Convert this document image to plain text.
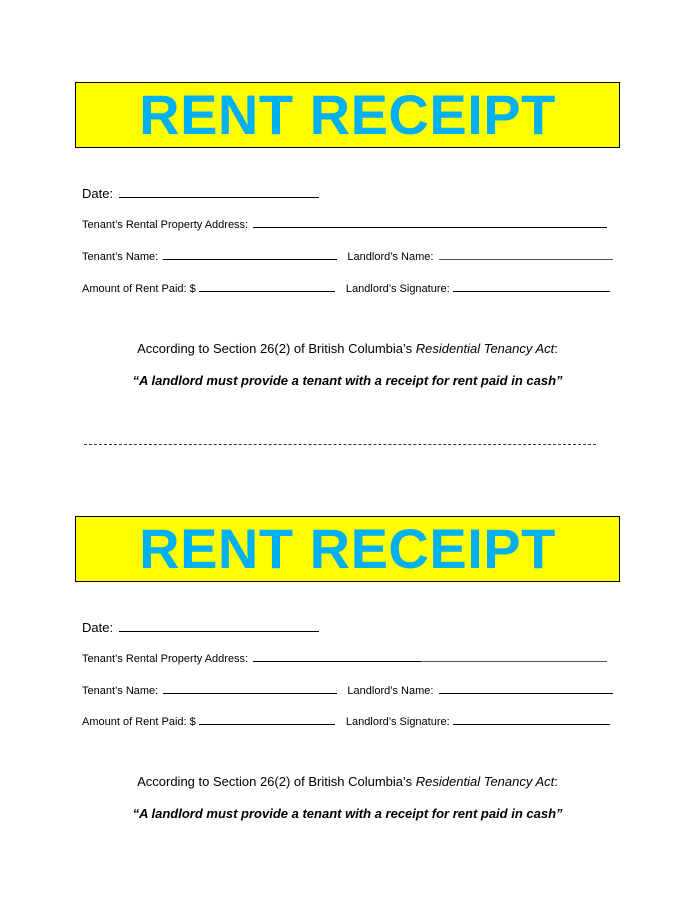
RENT RECEIPT
Date:
Tenant’s Rental Property Address:
Tenant’s Name:	Landlord’s Name:
Amount of Rent Paid: $	Landlord’s Signature:
According to Section 26(2) of British Columbia’s Residential Tenancy Act:
“A landlord must provide a tenant with a receipt for rent paid in cash”
RENT RECEIPT
Date:
Tenant’s Rental Property Address:
Tenant’s Name:	Landlord’s Name:
Amount of Rent Paid: $	Landlord’s Signature:
According to Section 26(2) of British Columbia’s Residential Tenancy Act:
“A landlord must provide a tenant with a receipt for rent paid in cash”
